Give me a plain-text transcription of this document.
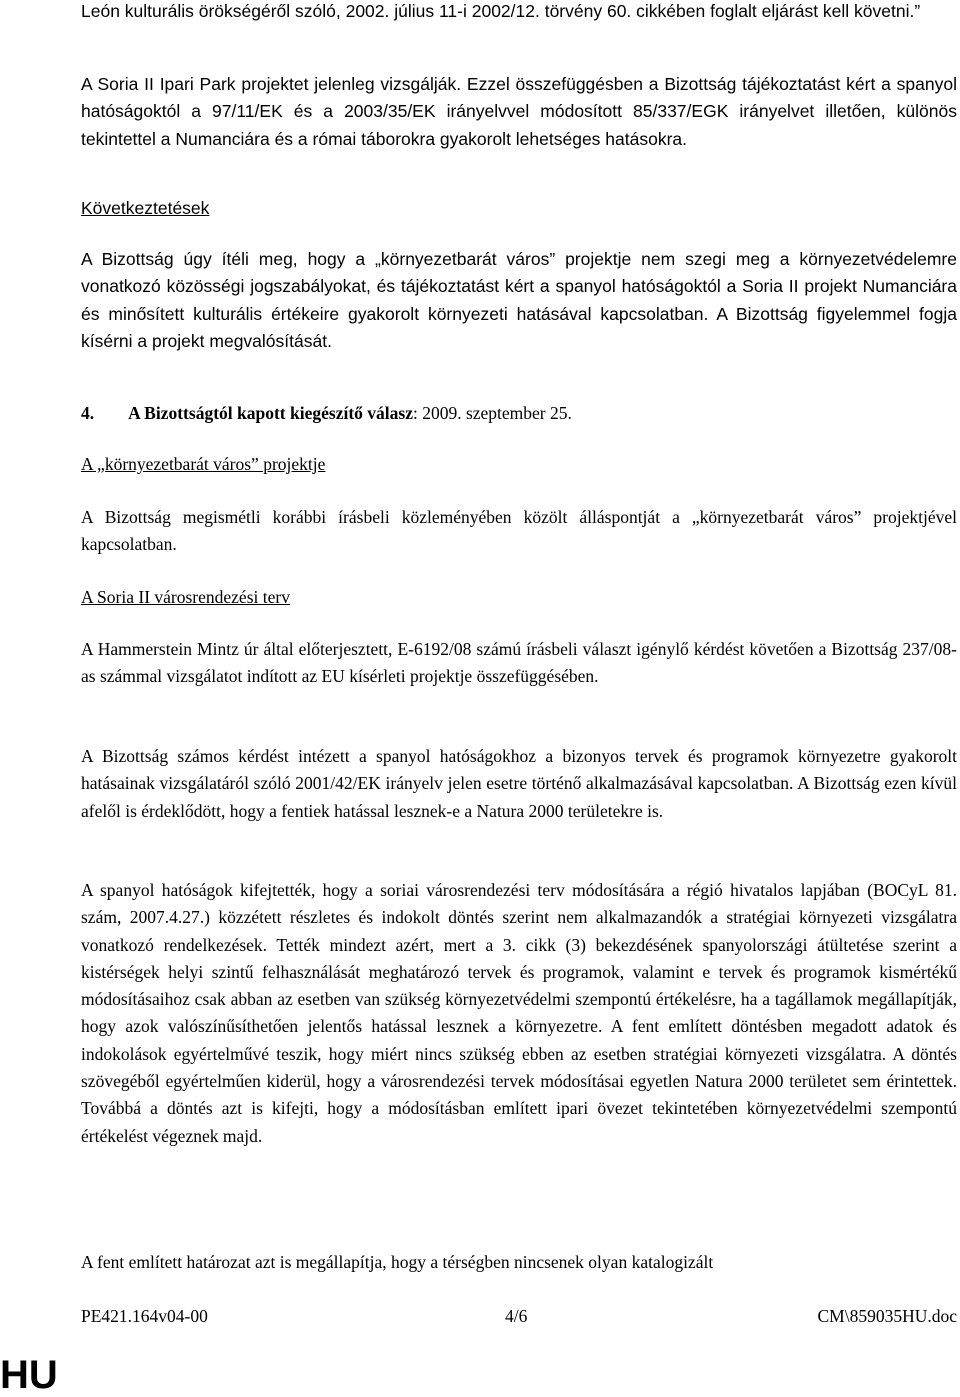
León kulturális örökségéről szóló, 2002. július 11-i 2002/12. törvény 60. cikkében foglalt eljárást kell követni.”

A Soria II Ipari Park projektet jelenleg vizsgálják. Ezzel összefüggésben a Bizottság tájékoztatást kért a spanyol hatóságoktól a 97/11/EK és a 2003/35/EK irányelvvel módosított 85/337/EGK irányelvet illetően, különös tekintettel a Numanciára és a római táborokra gyakorolt lehetséges hatásokra.

Következtetések

A Bizottság úgy ítéli meg, hogy a „környezetbarát város” projektje nem szegi meg a környezetvédelemre vonatkozó közösségi jogszabályokat, és tájékoztatást kért a spanyol hatóságoktól a Soria II projekt Numanciára és minősített kulturális értékeire gyakorolt környezeti hatásával kapcsolatban. A Bizottság figyelemmel fogja kísérni a projekt megvalósítását.

4. A Bizottságtól kapott kiegészítő válasz: 2009. szeptember 25.

A „környezetbarát város” projektje

A Bizottság megismétli korábbi írásbeli közleményében közölt álláspontját a „környezetbarát város” projektjével kapcsolatban.

A Soria II városrendezési terv

A Hammerstein Mintz úr által előterjesztett, E-6192/08 számú írásbeli választ igénylő kérdést követően a Bizottság 237/08-as számmal vizsgálatot indított az EU kísérleti projektje összefüggésében.

A Bizottság számos kérdést intézett a spanyol hatóságokhoz a bizonyos tervek és programok környezetre gyakorolt hatásainak vizsgálatáról szóló 2001/42/EK irányelv jelen esetre történő alkalmazásával kapcsolatban. A Bizottság ezen kívül afelől is érdeklődött, hogy a fentiek hatással lesznek-e a Natura 2000 területekre is.

A spanyol hatóságok kifejtették, hogy a soriai városrendezési terv módosítására a régió hivatalos lapjában (BOCyL 81. szám, 2007.4.27.) közzétett részletes és indokolt döntés szerint nem alkalmazandók a stratégiai környezeti vizsgálatra vonatkozó rendelkezések. Tették mindezt azért, mert a 3. cikk (3) bekezdésének spanyolországi átültetése szerint a kistérségek helyi szintű felhasználását meghatározó tervek és programok, valamint e tervek és programok kismértékű módosításaihoz csak abban az esetben van szükség környezetvédelmi szempontú értékelésre, ha a tagállamok megállapítják, hogy azok valószínűsíthetően jelentős hatással lesznek a környezetre. A fent említett döntésben megadott adatok és indokolások egyértelművé teszik, hogy miért nincs szükség ebben az esetben stratégiai környezeti vizsgálatra. A döntés szövegéből egyértelműen kiderül, hogy a városrendezési tervek módosításai egyetlen Natura 2000 területet sem érintettek. Továbbá a döntés azt is kifejti, hogy a módosításban említett ipari övezet tekintetében környezetvédelmi szempontú értékelést végeznek majd.

A fent említett határozat azt is megállapítja, hogy a térségben nincsenek olyan katalogizált

PE421.164v04-00	4/6	CM\859035HU.doc
HU
